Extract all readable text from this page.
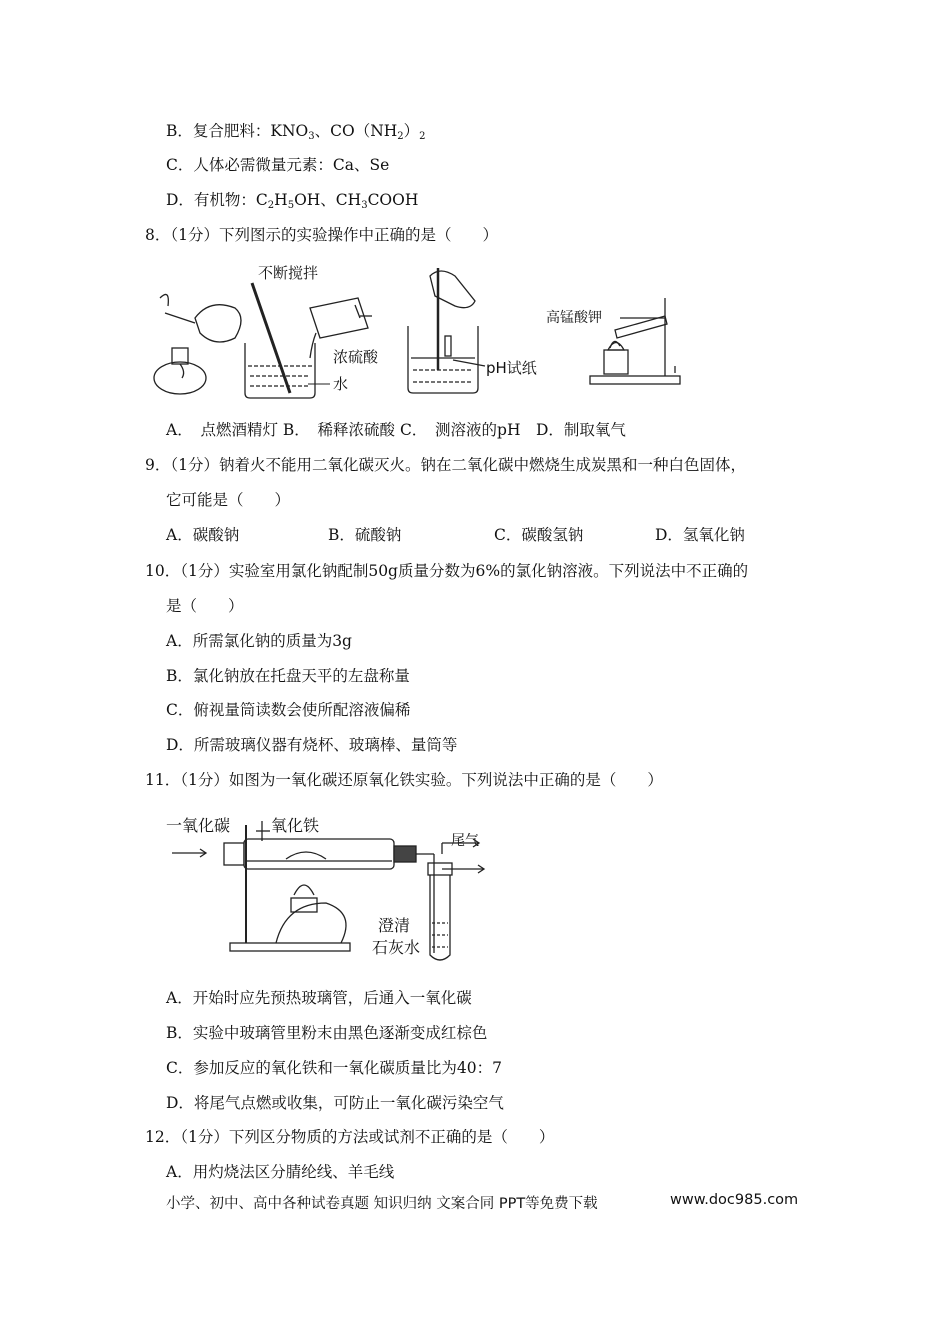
B．复合肥料：$KNO_3$、$CO(NH_2)_2$
C．人体必需微量元素：Ca、Se
D．有机物：$C_2H_5OH$、$CH_3COOH$
8．（1分）下列图示的实验操作中正确的是（　　）
不断搅拌
浓硫酸
水
pH试纸
高锰酸钾
A．　点燃酒精灯 B．　稀释浓硫酸 C．　测溶液的pH　D．制取氧气
9．（1分）钠着火不能用二氧化碳灭火。钠在二氧化碳中燃烧生成炭黑和一种白色固体，
它可能是（　　）
A．碳酸钠	B．硫酸钠	C．碳酸氢钠	D．氢氧化钠
10．（1分）实验室用氯化钠配制50g质量分数为6%的氯化钠溶液。下列说法中不正确的
是（　　）
A．所需氯化钠的质量为3g
B．氯化钠放在托盘天平的左盘称量
C．俯视量筒读数会使所配溶液偏稀
D．所需玻璃仪器有烧杯、玻璃棒、量筒等
11．（1分）如图为一氧化碳还原氧化铁实验。下列说法中正确的是（　　）
一氧化碳	氧化铁
尾气
澄清
石灰水
A．开始时应先预热玻璃管，后通入一氧化碳
B．实验中玻璃管里粉末由黑色逐渐变成红棕色
C．参加反应的氧化铁和一氧化碳质量比为40：7
D．将尾气点燃或收集，可防止一氧化碳污染空气
12．（1分）下列区分物质的方法或试剂不正确的是（　　）
A．用灼烧法区分腈纶线、羊毛线
小学、初中、高中各种试卷真题 知识归纳 文案合同 PPT等免费下载	www.doc985.com
